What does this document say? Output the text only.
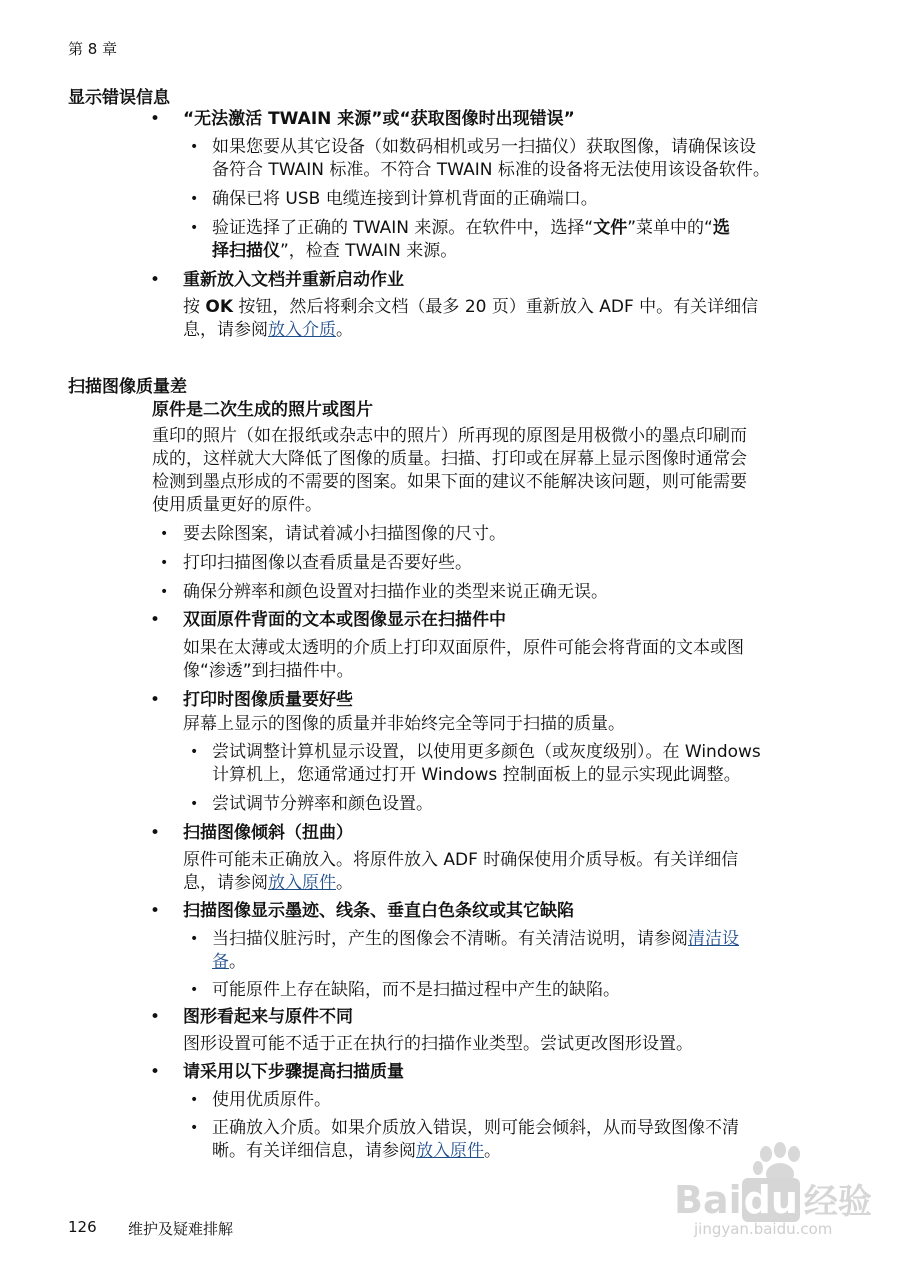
第 8 章
显示错误信息
• “无法激活 TWAIN 来源”或“获取图像时出现错误”
• 如果您要从其它设备（如数码相机或另一扫描仪）获取图像，请确保该设
备符合 TWAIN 标准。不符合 TWAIN 标准的设备将无法使用该设备软件。
• 确保已将 USB 电缆连接到计算机背面的正确端口。
• 验证选择了正确的 TWAIN 来源。在软件中，选择“文件”菜单中的“选
择扫描仪”，检查 TWAIN 来源。
• 重新放入文档并重新启动作业
按 OK 按钮，然后将剩余文档（最多 20 页）重新放入 ADF 中。有关详细信
息，请参阅放入介质。
扫描图像质量差
原件是二次生成的照片或图片
重印的照片（如在报纸或杂志中的照片）所再现的原图是用极微小的墨点印刷而
成的，这样就大大降低了图像的质量。扫描、打印或在屏幕上显示图像时通常会
检测到墨点形成的不需要的图案。如果下面的建议不能解决该问题，则可能需要
使用质量更好的原件。
• 要去除图案，请试着减小扫描图像的尺寸。
• 打印扫描图像以查看质量是否要好些。
• 确保分辨率和颜色设置对扫描作业的类型来说正确无误。
• 双面原件背面的文本或图像显示在扫描件中
如果在太薄或太透明的介质上打印双面原件，原件可能会将背面的文本或图
像“渗透”到扫描件中。
• 打印时图像质量要好些
屏幕上显示的图像的质量并非始终完全等同于扫描的质量。
• 尝试调整计算机显示设置，以使用更多颜色（或灰度级别）。在 Windows
计算机上，您通常通过打开 Windows 控制面板上的显示实现此调整。
• 尝试调节分辨率和颜色设置。
• 扫描图像倾斜（扭曲）
原件可能未正确放入。将原件放入 ADF 时确保使用介质导板。有关详细信
息，请参阅放入原件。
• 扫描图像显示墨迹、线条、垂直白色条纹或其它缺陷
• 当扫描仪脏污时，产生的图像会不清晰。有关清洁说明，请参阅清洁设
备。
• 可能原件上存在缺陷，而不是扫描过程中产生的缺陷。
• 图形看起来与原件不同
图形设置可能不适于正在执行的扫描作业类型。尝试更改图形设置。
• 请采用以下步骤提高扫描质量
• 使用优质原件。
• 正确放入介质。如果介质放入错误，则可能会倾斜，从而导致图像不清
晰。有关详细信息，请参阅放入原件。
126 维护及疑难排解
Baidu 经验
jingyan.baidu.com
